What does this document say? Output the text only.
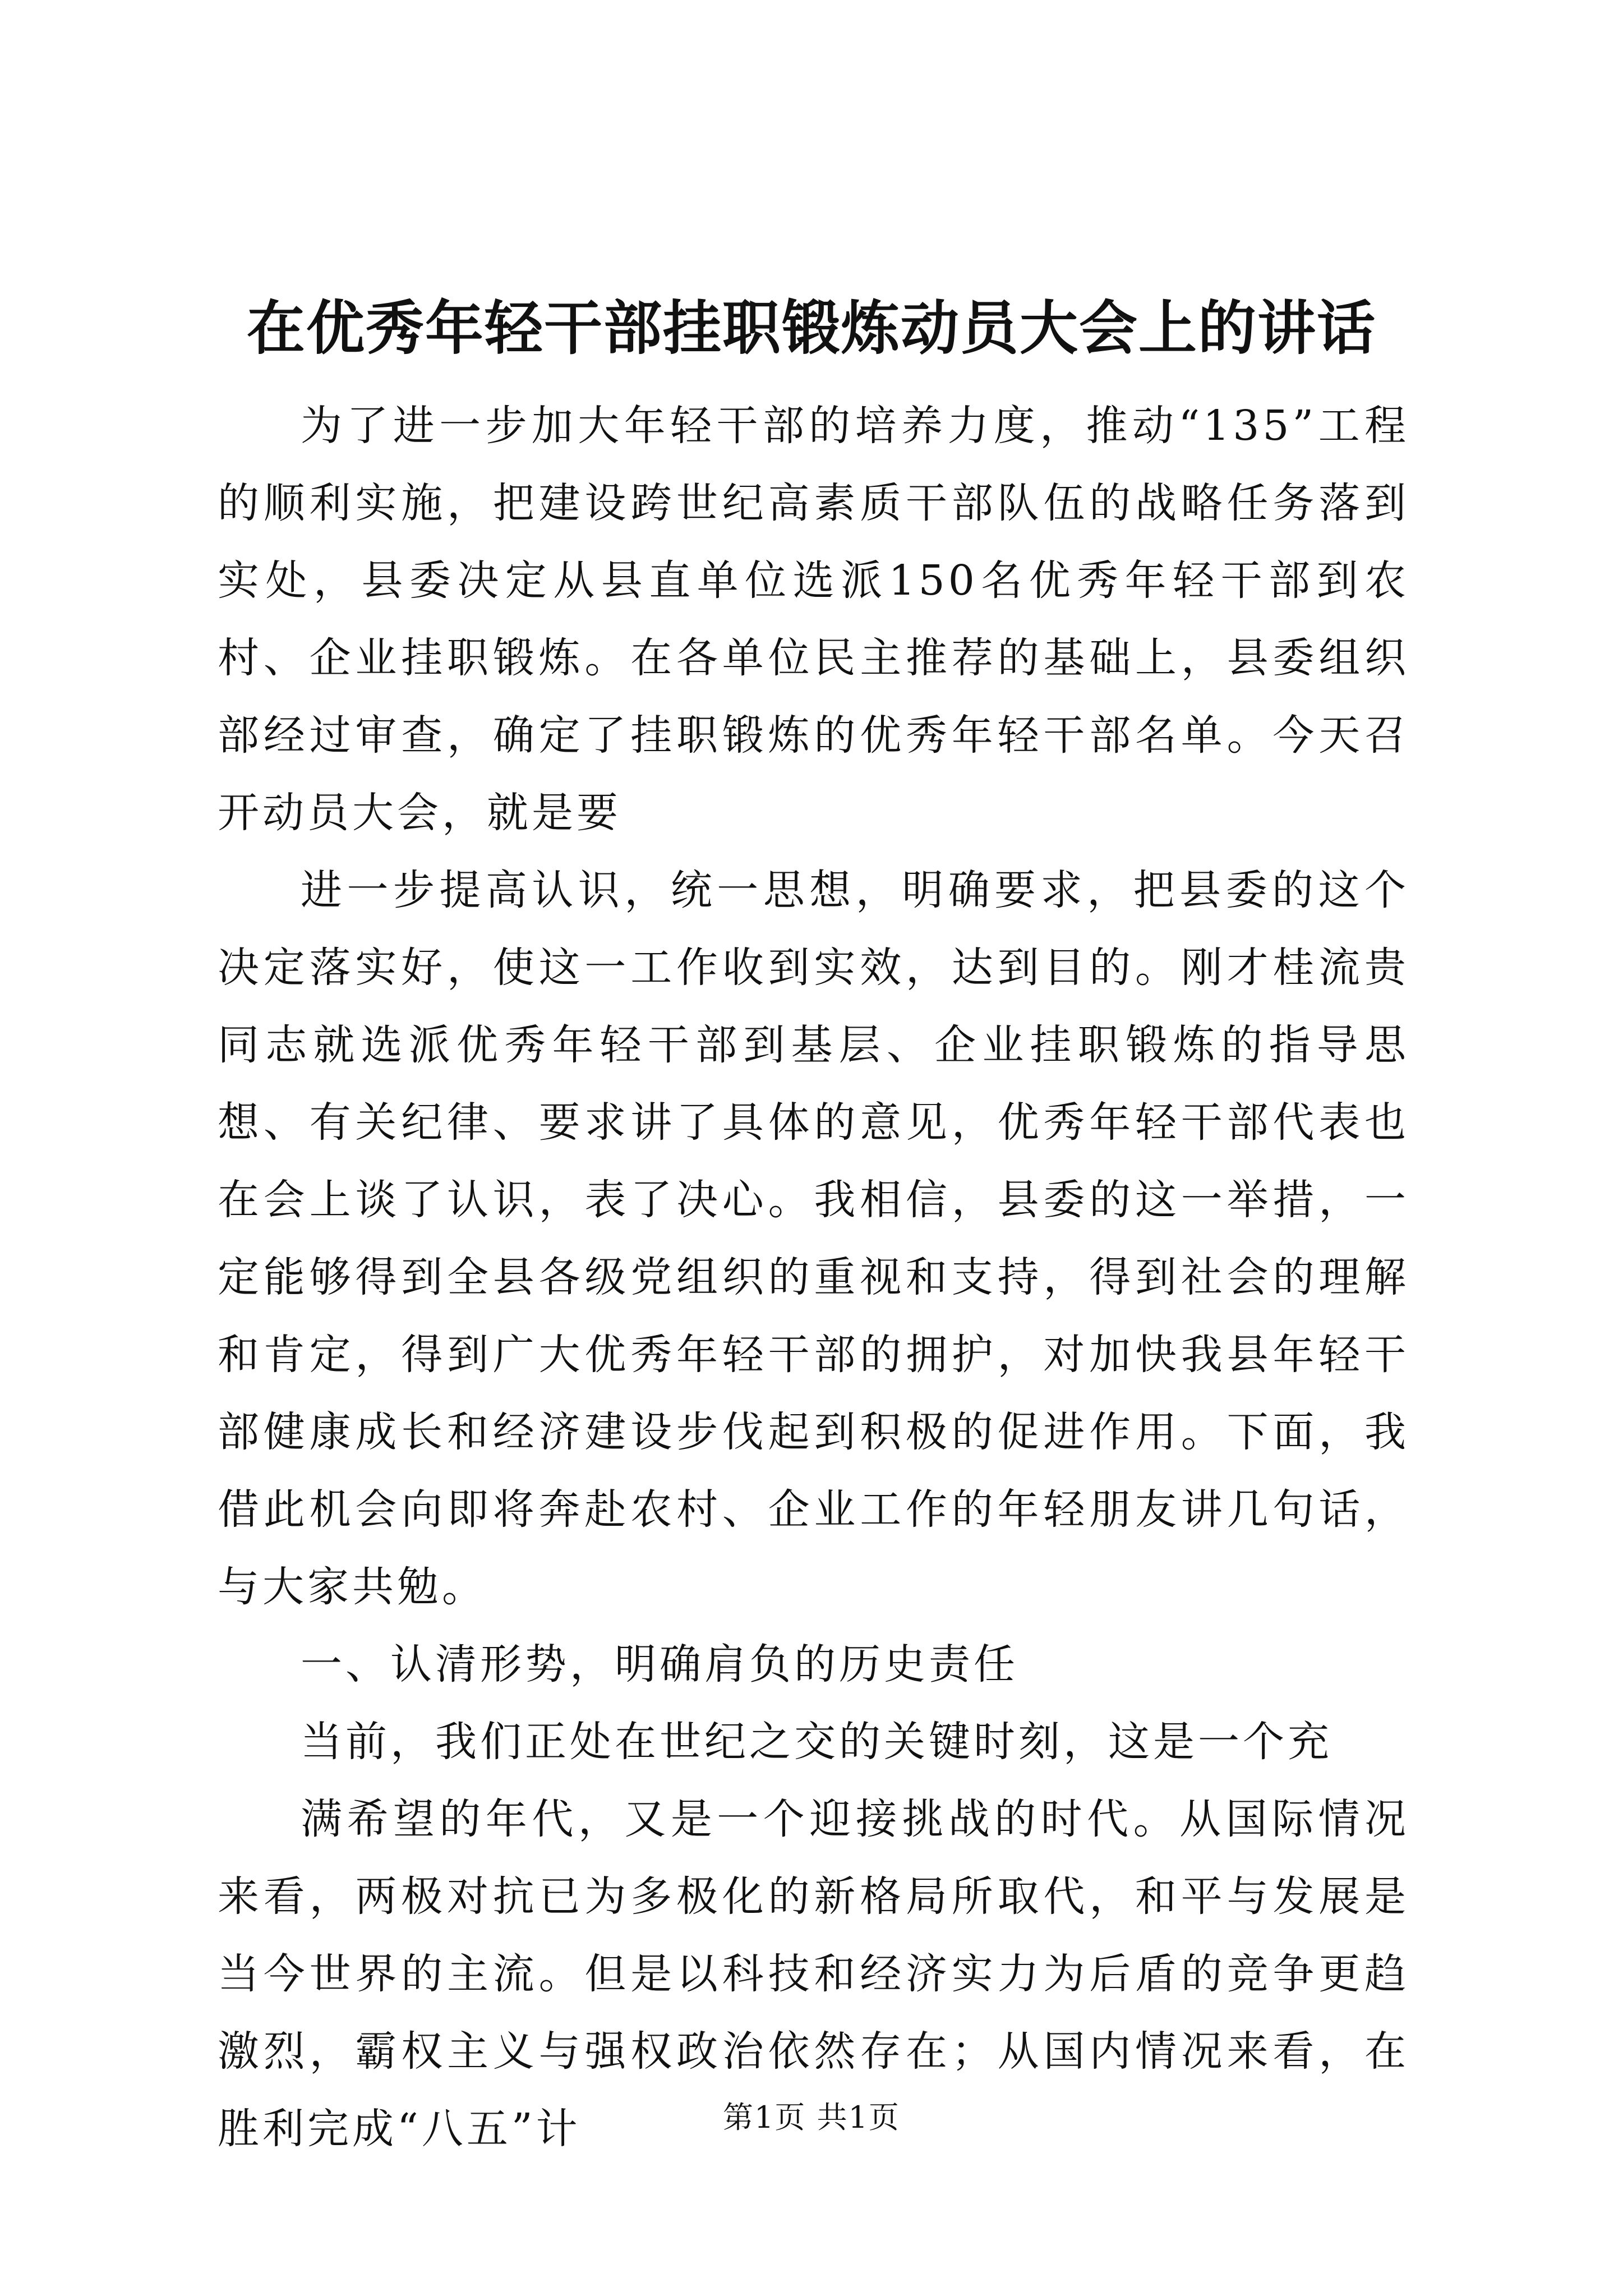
在优秀年轻干部挂职锻炼动员大会上的讲话

为了进一步加大年轻干部的培养力度，推动“135”工程的顺利实施，把建设跨世纪高素质干部队伍的战略任务落到实处，县委决定从县直单位选派150名优秀年轻干部到农村、企业挂职锻炼。在各单位民主推荐的基础上，县委组织部经过审查，确定了挂职锻炼的优秀年轻干部名单。今天召开动员大会，就是要

进一步提高认识，统一思想，明确要求，把县委的这个决定落实好，使这一工作收到实效，达到目的。刚才桂流贵同志就选派优秀年轻干部到基层、企业挂职锻炼的指导思想、有关纪律、要求讲了具体的意见，优秀年轻干部代表也在会上谈了认识，表了决心。我相信，县委的这一举措，一定能够得到全县各级党组织的重视和支持，得到社会的理解和肯定，得到广大优秀年轻干部的拥护，对加快我县年轻干部健康成长和经济建设步伐起到积极的促进作用。下面，我借此机会向即将奔赴农村、企业工作的年轻朋友讲几句话，与大家共勉。

一、认清形势，明确肩负的历史责任

当前，我们正处在世纪之交的关键时刻，这是一个充

满希望的年代，又是一个迎接挑战的时代。从国际情况来看，两极对抗已为多极化的新格局所取代，和平与发展是当今世界的主流。但是以科技和经济实力为后盾的竞争更趋激烈，霸权主义与强权政治依然存在；从国内情况来看，在胜利完成“八五”计	第1页 共1页
